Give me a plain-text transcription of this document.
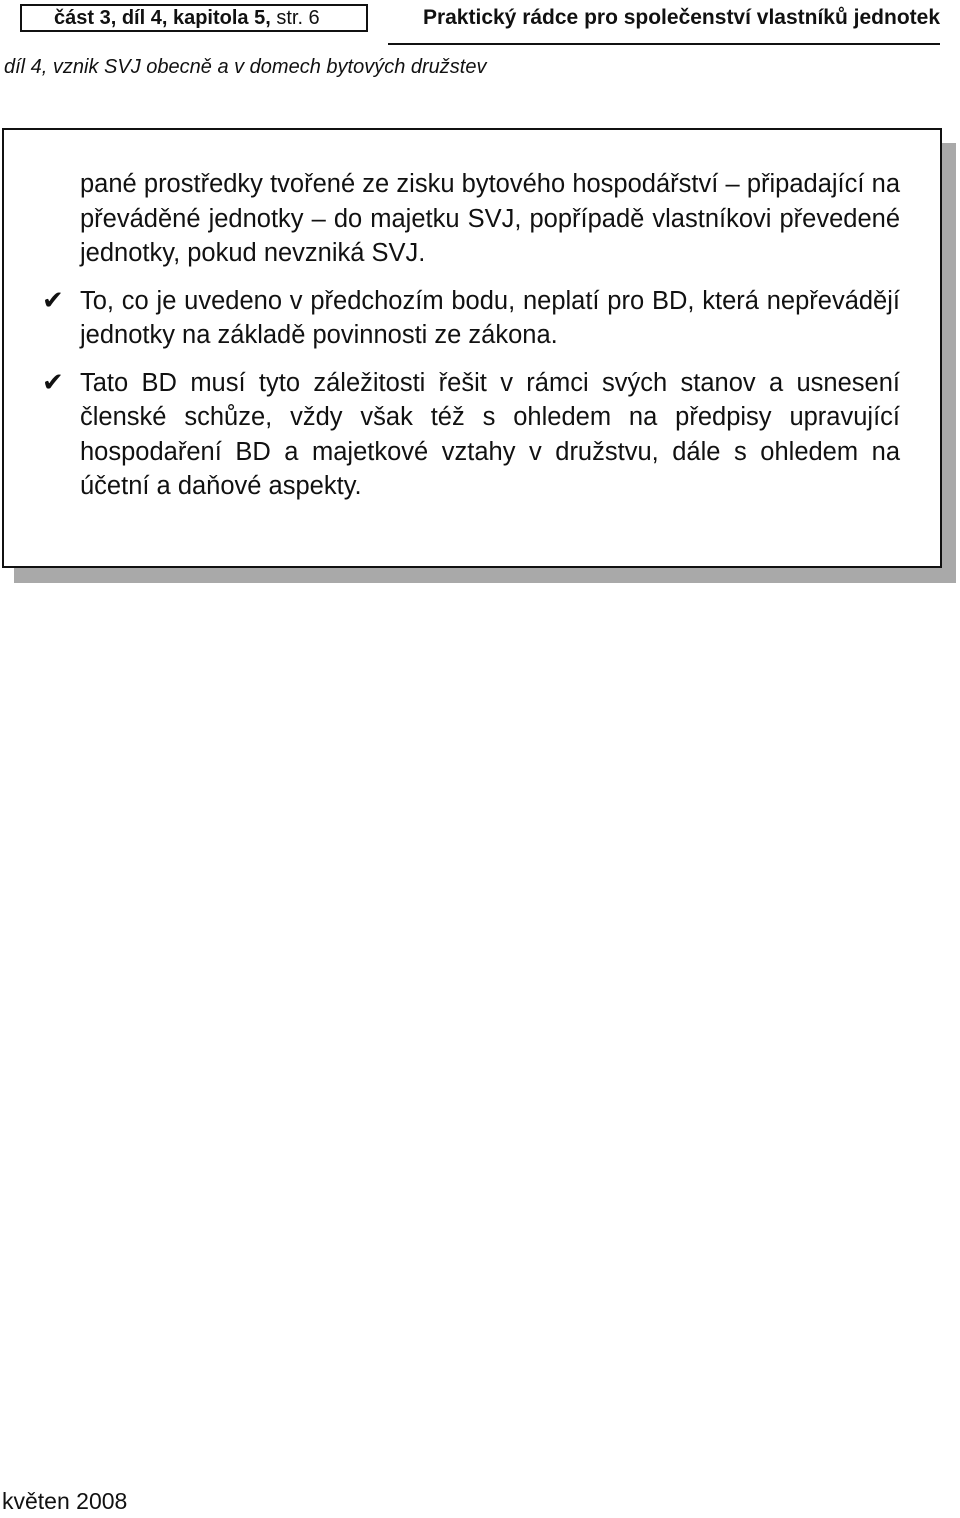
část 3, díl 4, kapitola 5, str. 6	Praktický rádce pro společenství vlastníků jednotek
díl 4, vznik SVJ obecně a v domech bytových družstev

pané prostředky tvořené ze zisku bytového hospodářství – připadající na převáděné jednotky – do majetku SVJ, popřípadě vlastníkovi převedené jednotky, pokud nevzniká SVJ.

✔ To, co je uvedeno v předchozím bodu, neplatí pro BD, která nepřevádějí jednotky na základě povinnosti ze zákona.

✔ Tato BD musí tyto záležitosti řešit v rámci svých stanov a usnesení členské schůze, vždy však též s ohledem na předpisy upravující hospodaření BD a majetkové vztahy v družstvu, dále s ohledem na účetní a daňové aspekty.

květen 2008
